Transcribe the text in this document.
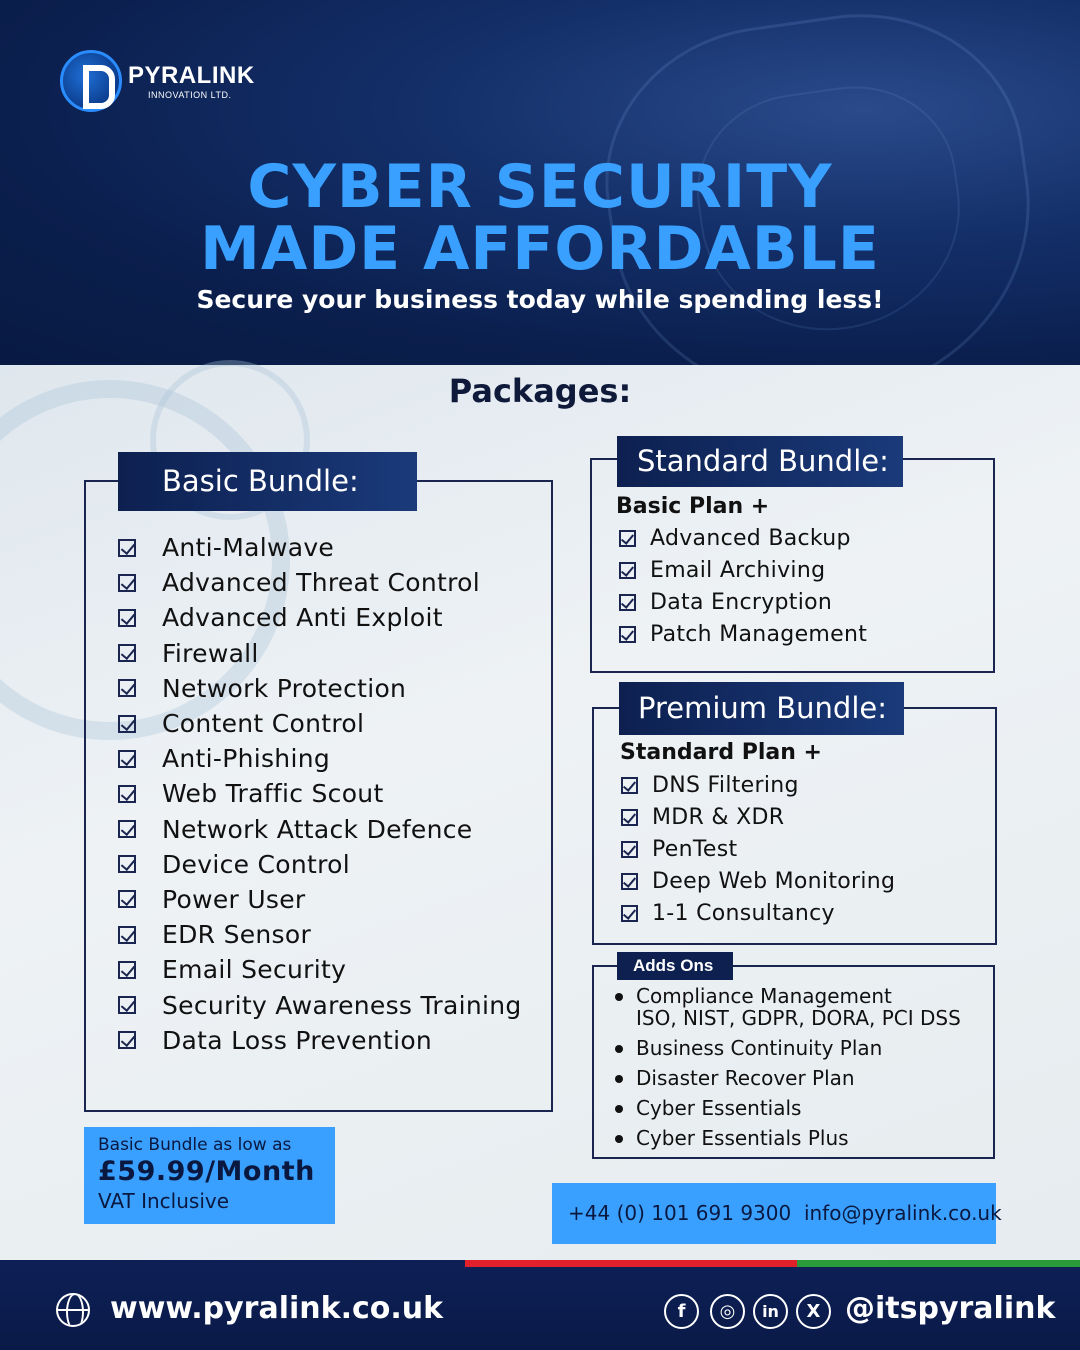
PYRALINK
INNOVATION LTD.
CYBER SECURITY
MADE AFFORDABLE
Secure your business today while spending less!
Packages:
Basic Bundle:
Anti-Malwave
Advanced Threat Control
Advanced Anti Exploit
Firewall
Network Protection
Content Control
Anti-Phishing
Web Traffic Scout
Network Attack Defence
Device Control
Power User
EDR Sensor
Email Security
Security Awareness Training
Data Loss Prevention
Standard Bundle:
Basic Plan +
Advanced Backup
Email Archiving
Data Encryption
Patch Management
Premium Bundle:
Standard Plan +
DNS Filtering
MDR & XDR
PenTest
Deep Web Monitoring
1-1 Consultancy
Adds Ons
Compliance Management
ISO, NIST, GDPR, DORA, PCI DSS
Business Continuity Plan
Disaster Recover Plan
Cyber Essentials
Cyber Essentials Plus
Basic Bundle as low as
£59.99/Month
VAT Inclusive	+44 (0) 101 691 9300 info@pyralink.co.uk
www.pyralink.co.uk	f	◎	in	X @itspyralink
